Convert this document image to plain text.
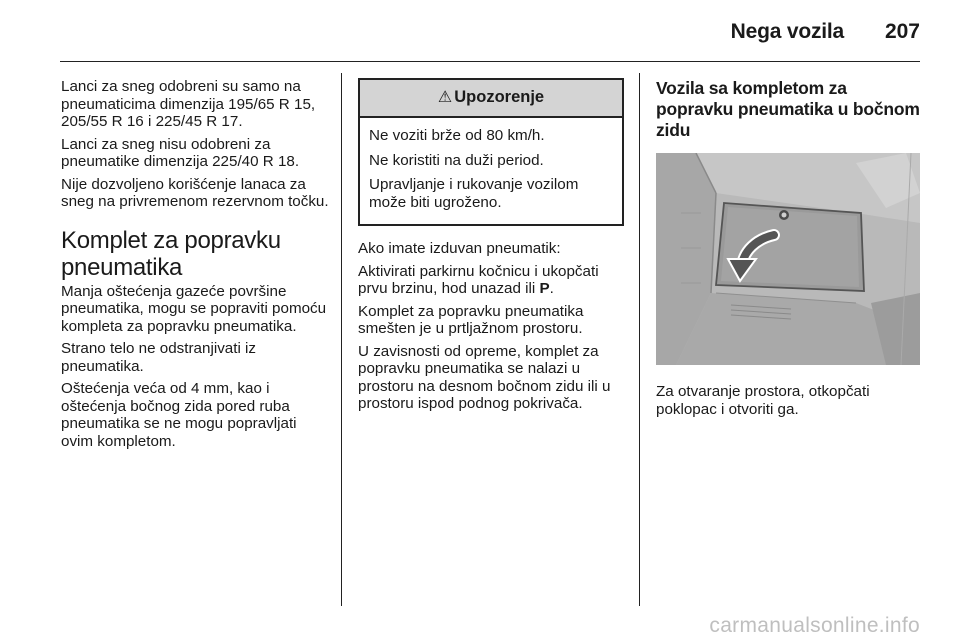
Nega vozila 207

Lanci za sneg odobreni su samo na pneumaticima dimenzija 195/65 R 15, 205/55 R 16 i 225/45 R 17.

Lanci za sneg nisu odobreni za pneumatike dimenzija 225/40 R 18.

Nije dozvoljeno korišćenje lanaca za sneg na privremenom rezervnom točku.

Komplet za popravku pneumatika

Manja oštećenja gazeće površine pneumatika, mogu se popraviti pomoću kompleta za popravku pneumatika.

Strano telo ne odstranjivati iz pneumatika.

Oštećenja veća od 4 mm, kao i oštećenja bočnog zida pored ruba pneumatika se ne mogu popravljati ovim kompletom.

⚠ Upozorenje

Ne voziti brže od 80 km/h.

Ne koristiti na duži period.

Upravljanje i rukovanje vozilom može biti ugroženo.

Ako imate izduvan pneumatik:

Aktivirati parkirnu kočnicu i ukopčati prvu brzinu, hod unazad ili P.

Komplet za popravku pneumatika smešten je u prtljažnom prostoru.

U zavisnosti od opreme, komplet za popravku pneumatika se nalazi u prostoru na desnom bočnom zidu ili u prostoru ispod podnog pokrivača.

Vozila sa kompletom za popravku pneumatika u bočnom zidu

Za otvaranje prostora, otkopčati poklopac i otvoriti ga.

carmanualsonline.info
